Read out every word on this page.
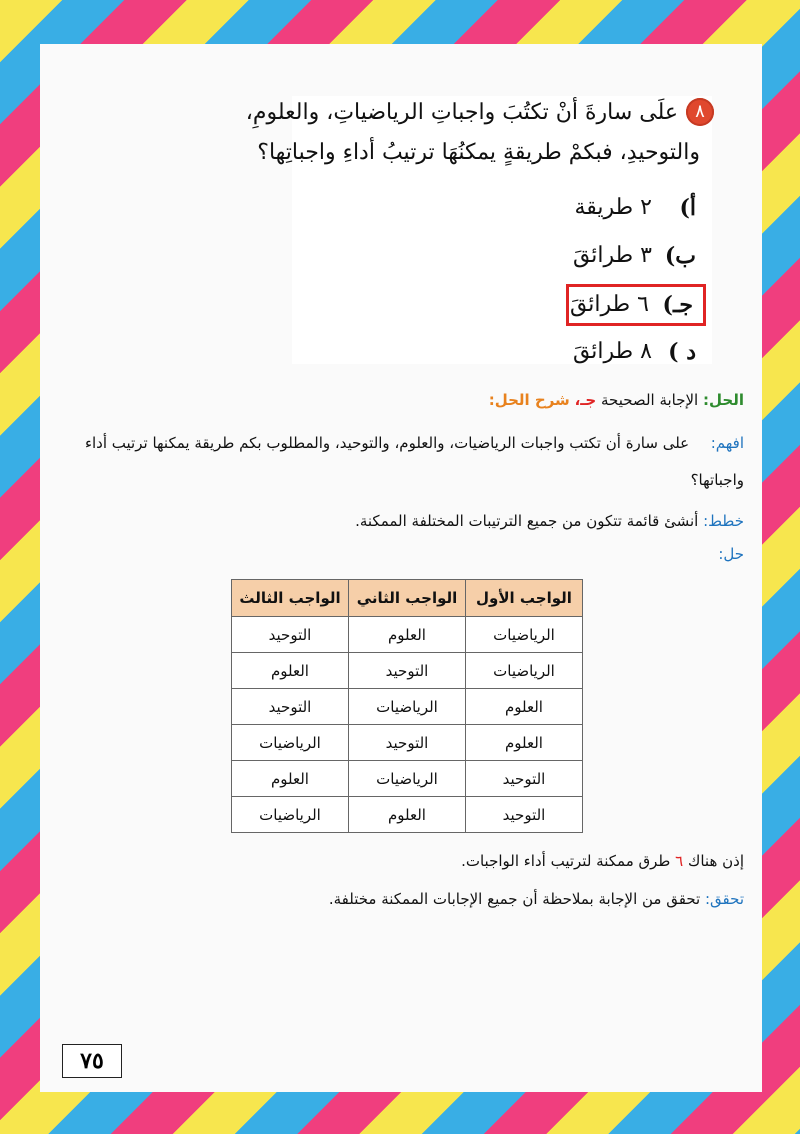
٨
علَى سارةَ أنْ تكتُبَ واجباتِ الرياضياتِ، والعلومِ،
والتوحيدِ، فبكمْ طريقةٍ يمكنُهَا ترتيبُ أداءِ واجباتِها؟
أ)
٢ طريقة
ب)
٣ طرائقَ
جـ)
٦ طرائقَ
د )
٨ طرائقَ
الحل: الإجابة الصحيحة جـ، شرح الحل:
افهم:  على سارة أن تكتب واجبات الرياضيات، والعلوم، والتوحيد، والمطلوب بكم طريقة يمكنها ترتيب أداء
واجباتها؟
خطط: أنشئ قائمة تتكون من جميع الترتيبات المختلفة الممكنة.
حل:
الواجب الأول	الواجب الثاني	الواجب الثالث
الرياضيات	العلوم	التوحيد
الرياضيات	التوحيد	العلوم
العلوم	الرياضيات	التوحيد
العلوم	التوحيد	الرياضيات
التوحيد	الرياضيات	العلوم
التوحيد	العلوم	الرياضيات
إذن هناك ٦ طرق ممكنة لترتيب أداء الواجبات.
تحقق: تحقق من الإجابة بملاحظة أن جميع الإجابات الممكنة مختلفة.
٧٥
